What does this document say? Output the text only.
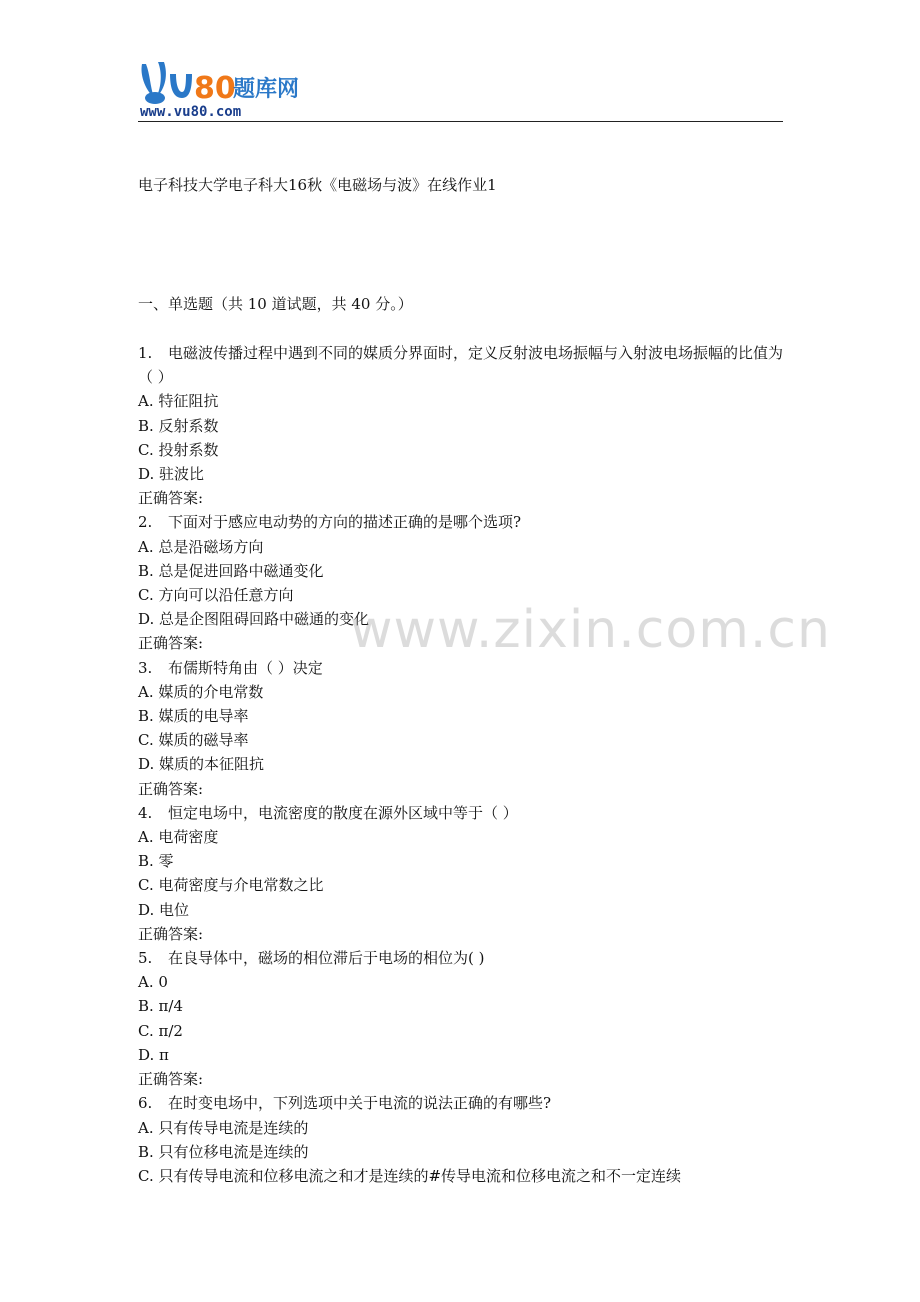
80
题库网
www.vu80.com
电子科技大学电子科大16秋《电磁场与波》在线作业1
一、单选题（共 10 道试题，共 40 分。）
1. 电磁波传播过程中遇到不同的媒质分界面时，定义反射波电场振幅与入射波电场振幅的比值为（ ）
A. 特征阻抗
B. 反射系数
C. 投射系数
D. 驻波比
正确答案:
2. 下面对于感应电动势的方向的描述正确的是哪个选项?
A. 总是沿磁场方向
B. 总是促进回路中磁通变化
C. 方向可以沿任意方向
D. 总是企图阻碍回路中磁通的变化
正确答案:
3. 布儒斯特角由（ ）决定
A. 媒质的介电常数
B. 媒质的电导率
C. 媒质的磁导率
D. 媒质的本征阻抗
正确答案:
4. 恒定电场中，电流密度的散度在源外区域中等于（ ）
A. 电荷密度
B. 零
C. 电荷密度与介电常数之比
D. 电位
正确答案:
5. 在良导体中，磁场的相位滞后于电场的相位为( )
A. 0
B. π/4
C. π/2
D. π
正确答案:
6. 在时变电场中，下列选项中关于电流的说法正确的有哪些?
A. 只有传导电流是连续的
B. 只有位移电流是连续的
C. 只有传导电流和位移电流之和才是连续的#传导电流和位移电流之和不一定连续
www.zixin.com.cn
